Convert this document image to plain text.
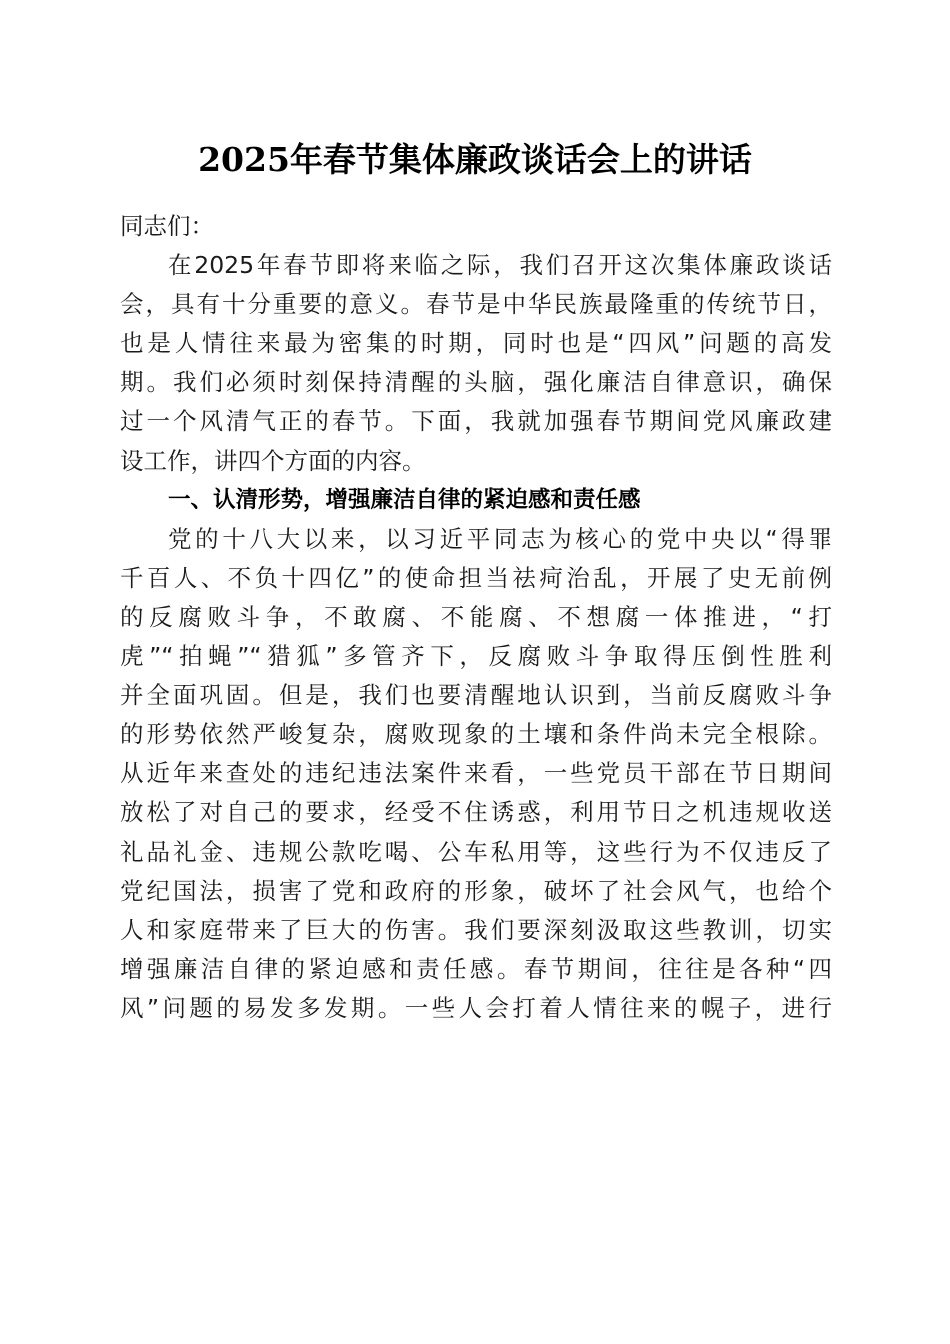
2025年春节集体廉政谈话会上的讲话
同志们：
在2025年春节即将来临之际，我们召开这次集体廉政谈话
会，具有十分重要的意义。春节是中华民族最隆重的传统节日，
也是人情往来最为密集的时期，同时也是“四风”问题的高发
期。我们必须时刻保持清醒的头脑，强化廉洁自律意识，确保
过一个风清气正的春节。下面，我就加强春节期间党风廉政建
设工作，讲四个方面的内容。
一、认清形势，增强廉洁自律的紧迫感和责任感
党的十八大以来，以习近平同志为核心的党中央以“得罪
千百人、不负十四亿”的使命担当祛疴治乱，开展了史无前例
的反腐败斗争，不敢腐、不能腐、不想腐一体推进，“打
虎”“拍蝇”“猎狐”多管齐下，反腐败斗争取得压倒性胜利
并全面巩固。但是，我们也要清醒地认识到，当前反腐败斗争
的形势依然严峻复杂，腐败现象的土壤和条件尚未完全根除。
从近年来查处的违纪违法案件来看，一些党员干部在节日期间
放松了对自己的要求，经受不住诱惑，利用节日之机违规收送
礼品礼金、违规公款吃喝、公车私用等，这些行为不仅违反了
党纪国法，损害了党和政府的形象，破坏了社会风气，也给个
人和家庭带来了巨大的伤害。我们要深刻汲取这些教训，切实
增强廉洁自律的紧迫感和责任感。春节期间，往往是各种“四
风”问题的易发多发期。一些人会打着人情往来的幌子，进行
